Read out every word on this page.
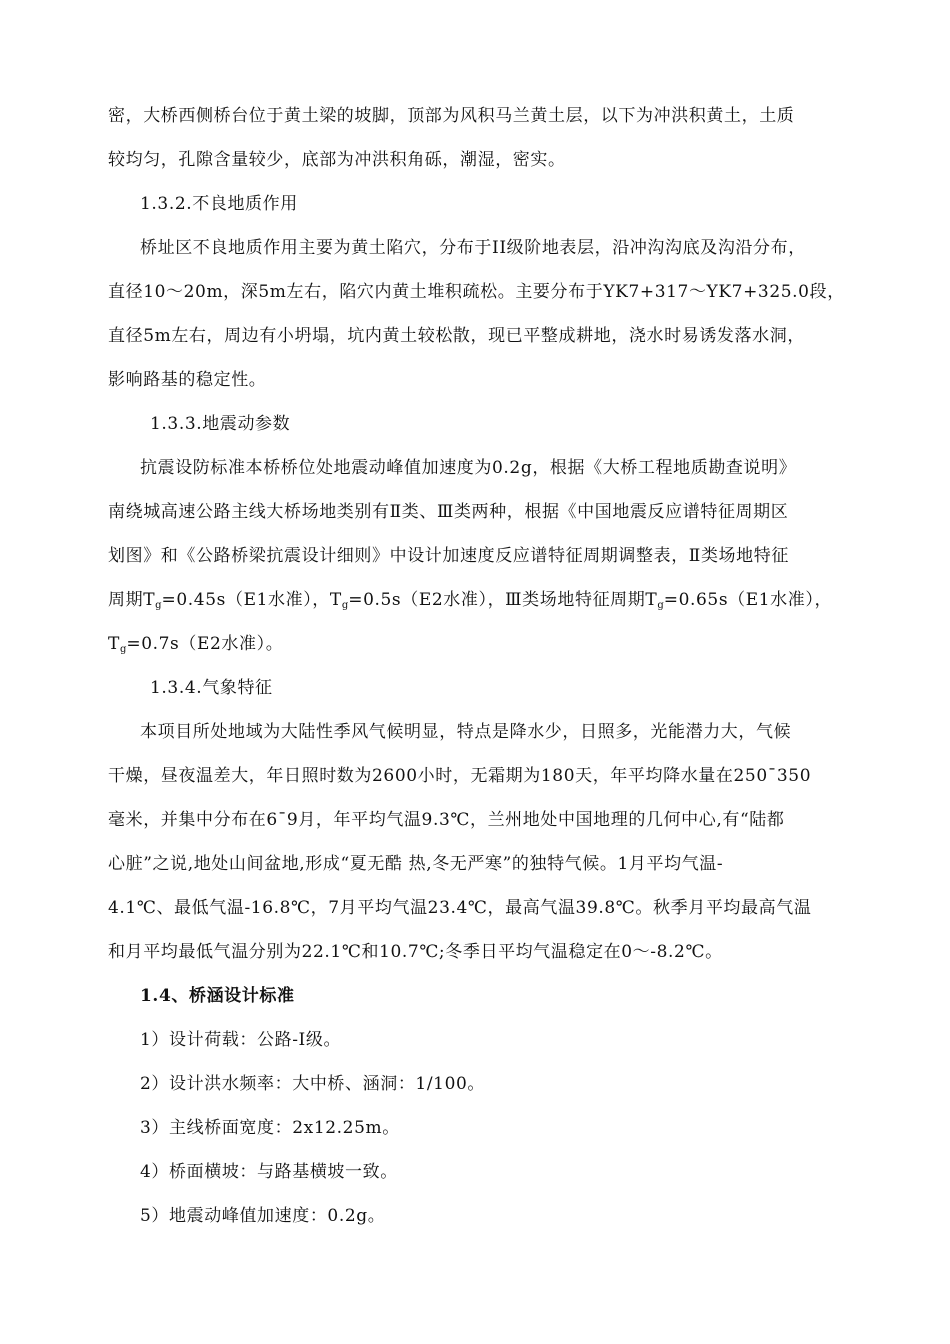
密，大桥西侧桥台位于黄土梁的坡脚，顶部为风积马兰黄土层，以下为冲洪积黄土，土质
较均匀，孔隙含量较少，底部为冲洪积角砾，潮湿，密实。
1.3.2.不良地质作用
桥址区不良地质作用主要为黄土陷穴，分布于II级阶地表层，沿冲沟沟底及沟沿分布，
直径10～20m，深5m左右，陷穴内黄土堆积疏松。主要分布于YK7+317～YK7+325.0段，
直径5m左右，周边有小坍塌，坑内黄土较松散，现已平整成耕地，浇水时易诱发落水洞，
影响路基的稳定性。
1.3.3.地震动参数
抗震设防标准本桥桥位处地震动峰值加速度为0.2g，根据《大桥工程地质勘查说明》
南绕城高速公路主线大桥场地类别有Ⅱ类、Ⅲ类两种，根据《中国地震反应谱特征周期区
划图》和《公路桥梁抗震设计细则》中设计加速度反应谱特征周期调整表，Ⅱ类场地特征
周期$T_g=0.45s(E1$水准），$T_g=0.5s(E2$水准），Ⅲ类场地特征周期$T_g=0.65s(E1$水准），
$T_g=0.7s(E2$水准）。
1.3.4.气象特征
本项目所处地域为大陆性季风气候明显，特点是降水少，日照多，光能潜力大，气候
干燥，昼夜温差大，年日照时数为2600小时，无霜期为180天，年平均降水量在250¯350
毫米，并集中分布在6¯9月，年平均气温9.3℃，兰州地处中国地理的几何中心,有“陆都
心脏”之说,地处山间盆地,形成“夏无酷 热,冬无严寒”的独特气候。1月平均气温-
4.1℃、最低气温-16.8℃，7月平均气温23.4℃，最高气温39.8℃。秋季月平均最高气温
和月平均最低气温分别为22.1℃和10.7℃;冬季日平均气温稳定在0～-8.2℃。
1.4、桥涵设计标准
1）设计荷载：公路-Ⅰ级。
2）设计洪水频率：大中桥、涵洞：1/100。
3）主线桥面宽度：2x12.25m。
4）桥面横坡：与路基横坡一致。
5）地震动峰值加速度：0.2g。
